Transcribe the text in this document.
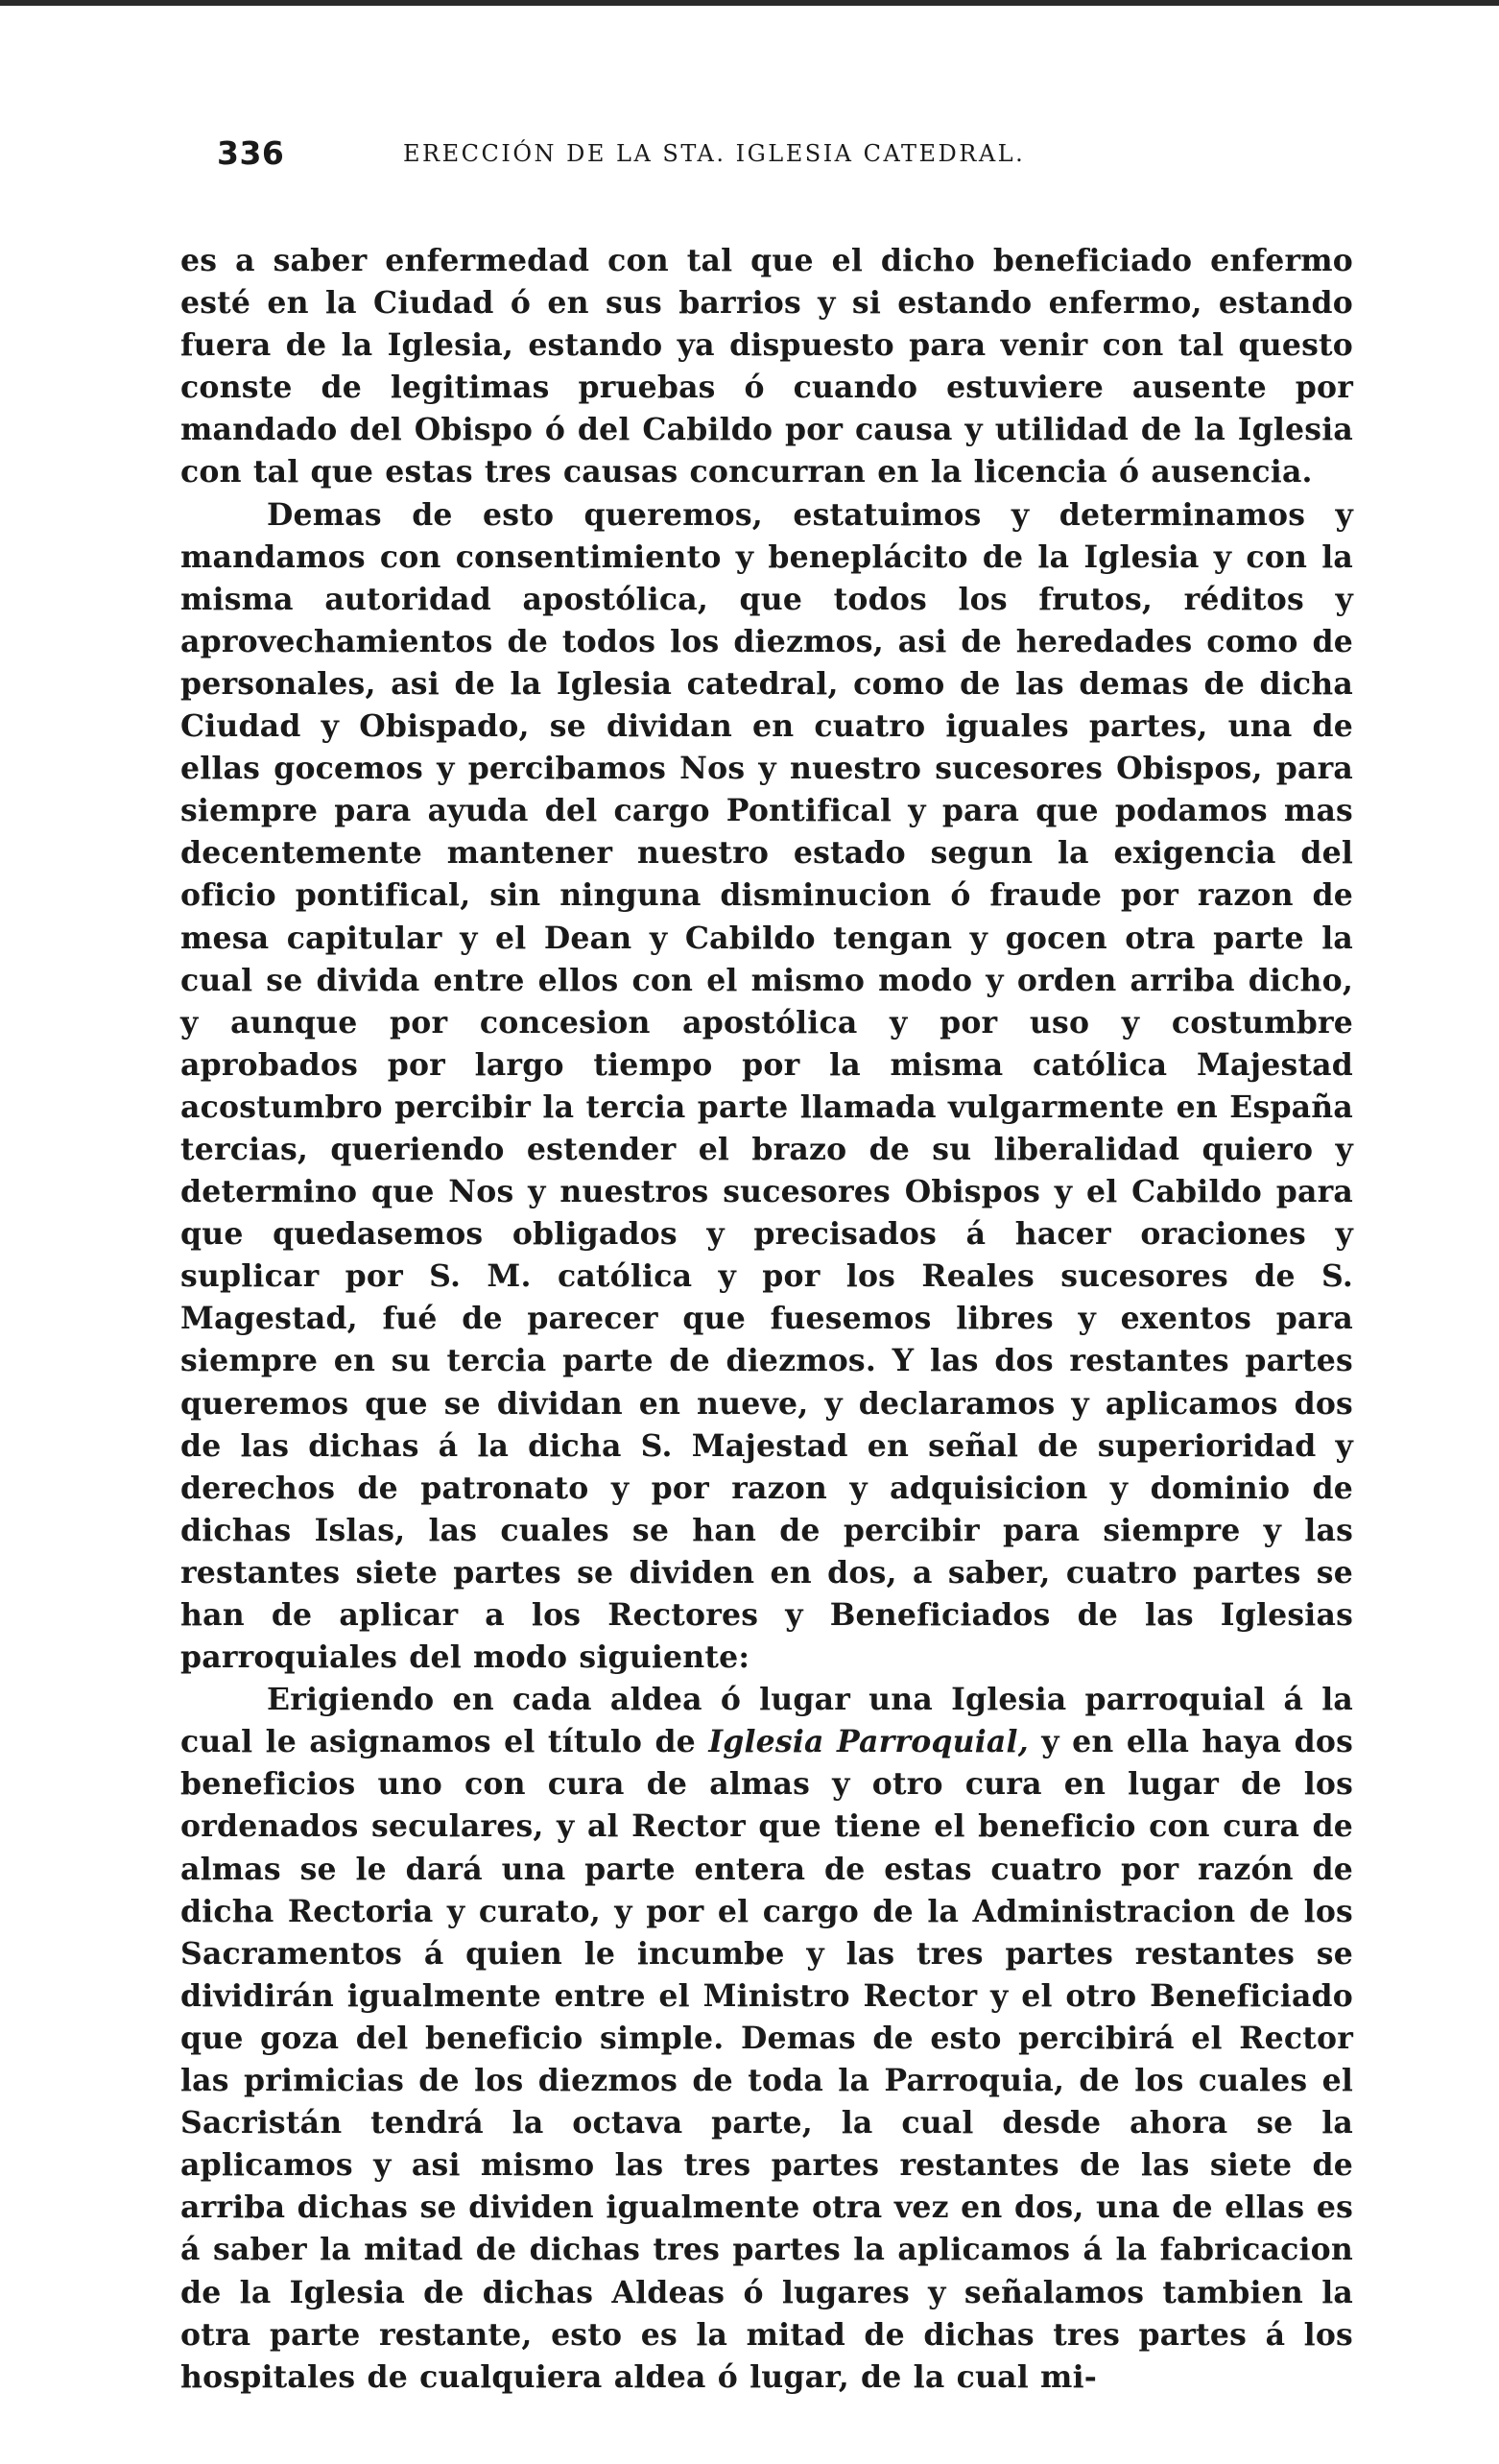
336	ERECCIÓN DE LA STA. IGLESIA CATEDRAL.

es a saber enfermedad con tal que el dicho beneficiado enfermo esté en la Ciudad ó en sus barrios y si estando enfermo, estando fuera de la Iglesia, estando ya dispuesto para venir con tal questo conste de legitimas pruebas ó cuando estuviere ausente por mandado del Obispo ó del Cabildo por causa y utilidad de la Iglesia con tal que estas tres causas concurran en la licencia ó ausencia.

Demas de esto queremos, estatuimos y determinamos y mandamos con consentimiento y beneplácito de la Iglesia y con la misma autoridad apostólica, que todos los frutos, réditos y aprovechamientos de todos los diezmos, asi de heredades como de personales, asi de la Iglesia catedral, como de las demas de dicha Ciudad y Obispado, se dividan en cuatro iguales partes, una de ellas gocemos y percibamos Nos y nuestro sucesores Obispos, para siempre para ayuda del cargo Pontifical y para que podamos mas decentemente mantener nuestro estado segun la exigencia del oficio pontifical, sin ninguna disminucion ó fraude por razon de mesa capitular y el Dean y Cabildo tengan y gocen otra parte la cual se divida entre ellos con el mismo modo y orden arriba dicho, y aunque por concesion apostólica y por uso y costumbre aprobados por largo tiempo por la misma católica Majestad acostumbro percibir la tercia parte llamada vulgarmente en España tercias, queriendo estender el brazo de su liberalidad quiero y determino que Nos y nuestros sucesores Obispos y el Cabildo para que quedasemos obligados y precisados á hacer oraciones y suplicar por S. M. católica y por los Reales sucesores de S. Magestad, fué de parecer que fuesemos libres y exentos para siempre en su tercia parte de diezmos. Y las dos restantes partes queremos que se dividan en nueve, y declaramos y aplicamos dos de las dichas á la dicha S. Majestad en señal de superioridad y derechos de patronato y por razon y adquisicion y dominio de dichas Islas, las cuales se han de percibir para siempre y las restantes siete partes se dividen en dos, a saber, cuatro partes se han de aplicar a los Rectores y Beneficiados de las Iglesias parroquiales del modo siguiente:

Erigiendo en cada aldea ó lugar una Iglesia parroquial á la cual le asignamos el título de Iglesia Parroquial, y en ella haya dos beneficios uno con cura de almas y otro cura en lugar de los ordenados seculares, y al Rector que tiene el beneficio con cura de almas se le dará una parte entera de estas cuatro por razón de dicha Rectoria y curato, y por el cargo de la Administracion de los Sacramentos á quien le incumbe y las tres partes restantes se dividirán igualmente entre el Ministro Rector y el otro Beneficiado que goza del beneficio simple. Demas de esto percibirá el Rector las primicias de los diezmos de toda la Parroquia, de los cuales el Sacristán tendrá la octava parte, la cual desde ahora se la aplicamos y asi mismo las tres partes restantes de las siete de arriba dichas se dividen igualmente otra vez en dos, una de ellas es á saber la mitad de dichas tres partes la aplicamos á la fabricacion de la Iglesia de dichas Aldeas ó lugares y señalamos tambien la otra parte restante, esto es la mitad de dichas tres partes á los hospitales de cualquiera aldea ó lugar, de la cual mi-
